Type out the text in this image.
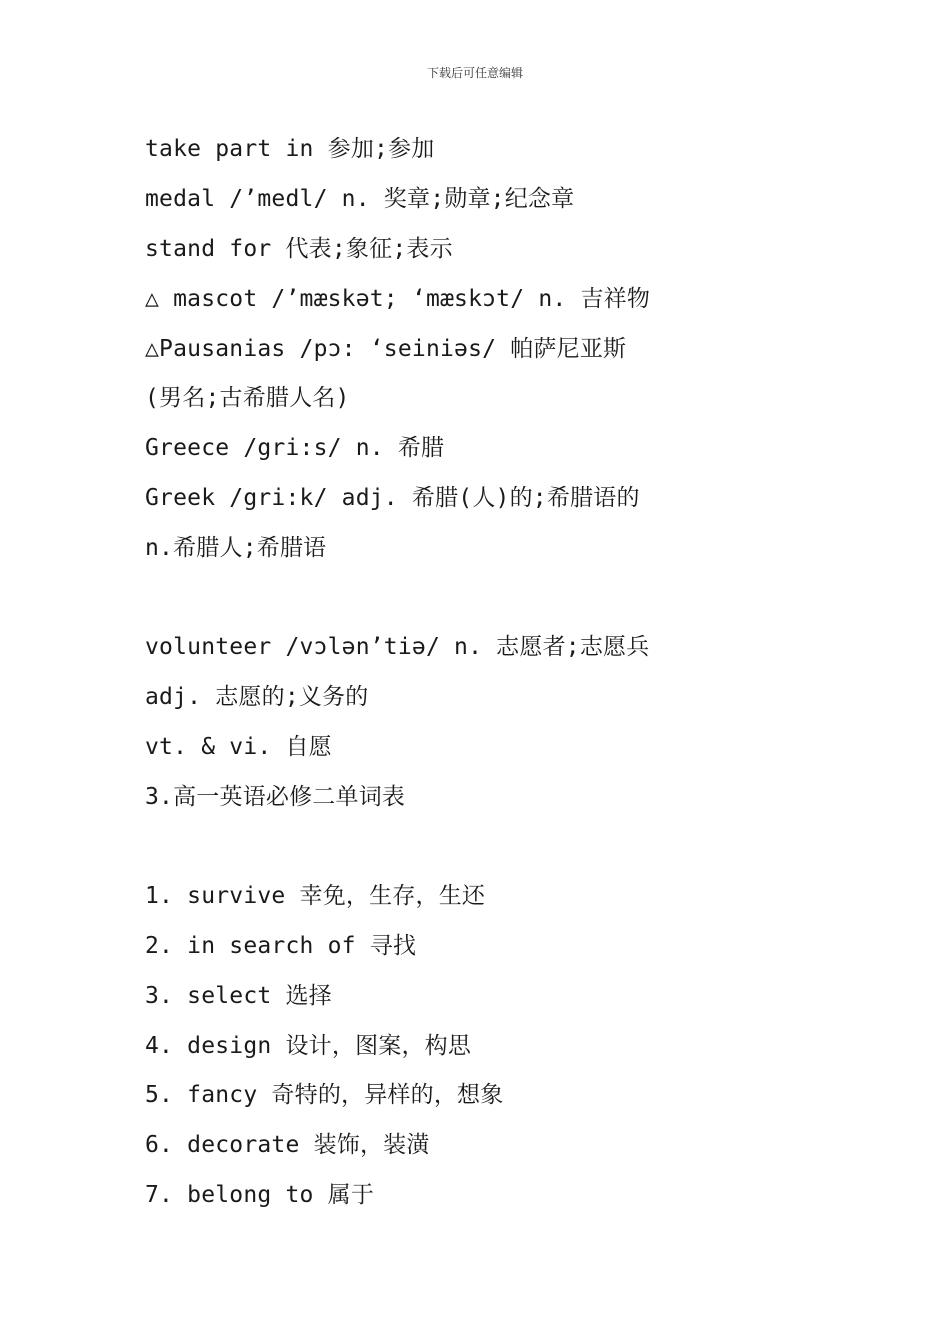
下载后可任意编辑
take part in 参加;参加
medal /’medl/ n. 奖章;勋章;纪念章
stand for 代表;象征;表示
△ mascot /’mæskət; ‘mæskɔt/ n. 吉祥物
△Pausanias /pɔ: ‘seiniəs/ 帕萨尼亚斯
(男名;古希腊人名)
Greece /gri:s/ n. 希腊
Greek /gri:k/ adj. 希腊(人)的;希腊语的
n.希腊人;希腊语
volunteer /vɔlən’tiə/ n. 志愿者;志愿兵
adj. 志愿的;义务的
vt. & vi. 自愿
3.高一英语必修二单词表
1. survive 幸免，生存，生还
2. in search of 寻找
3. select 选择
4. design 设计，图案，构思
5. fancy 奇特的，异样的，想象
6. decorate 装饰，装潢
7. belong to 属于
